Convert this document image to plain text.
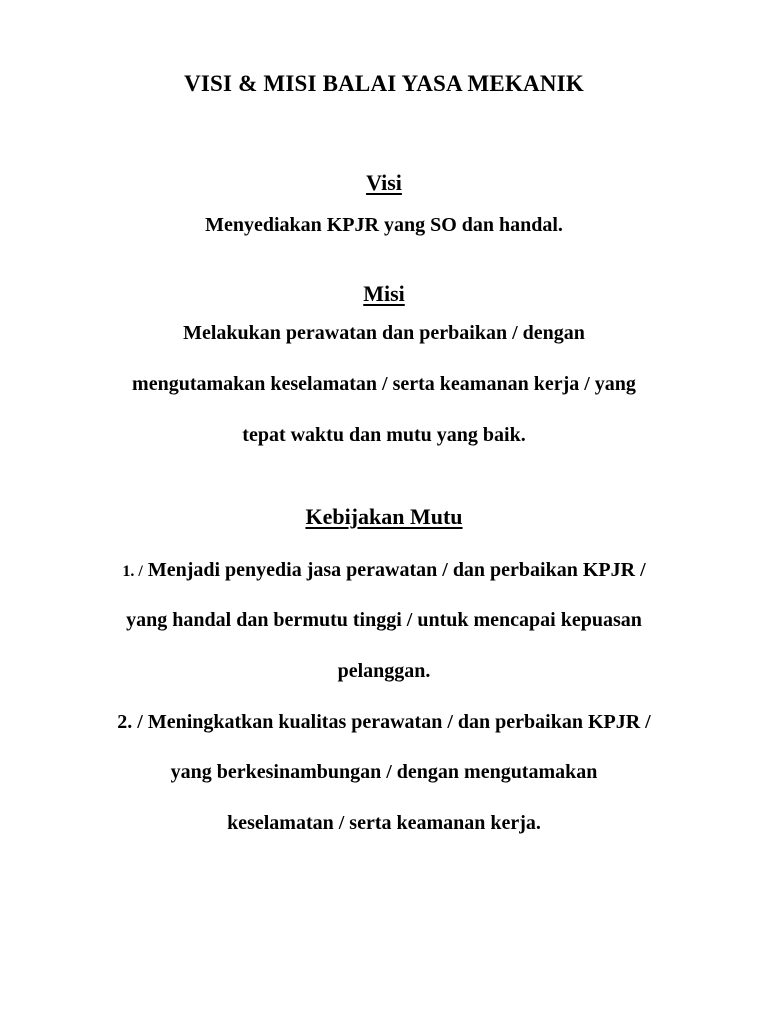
VISI & MISI BALAI YASA MEKANIK
Visi
Menyediakan KPJR yang SO dan handal.
Misi
Melakukan perawatan dan perbaikan / dengan
mengutamakan keselamatan / serta keamanan kerja / yang
tepat waktu dan mutu yang baik.
Kebijakan Mutu
1. / Menjadi penyedia jasa perawatan / dan perbaikan KPJR /
yang handal dan bermutu tinggi / untuk mencapai kepuasan
pelanggan.
2. / Meningkatkan kualitas perawatan / dan perbaikan KPJR /
yang berkesinambungan / dengan mengutamakan
keselamatan / serta keamanan kerja.
